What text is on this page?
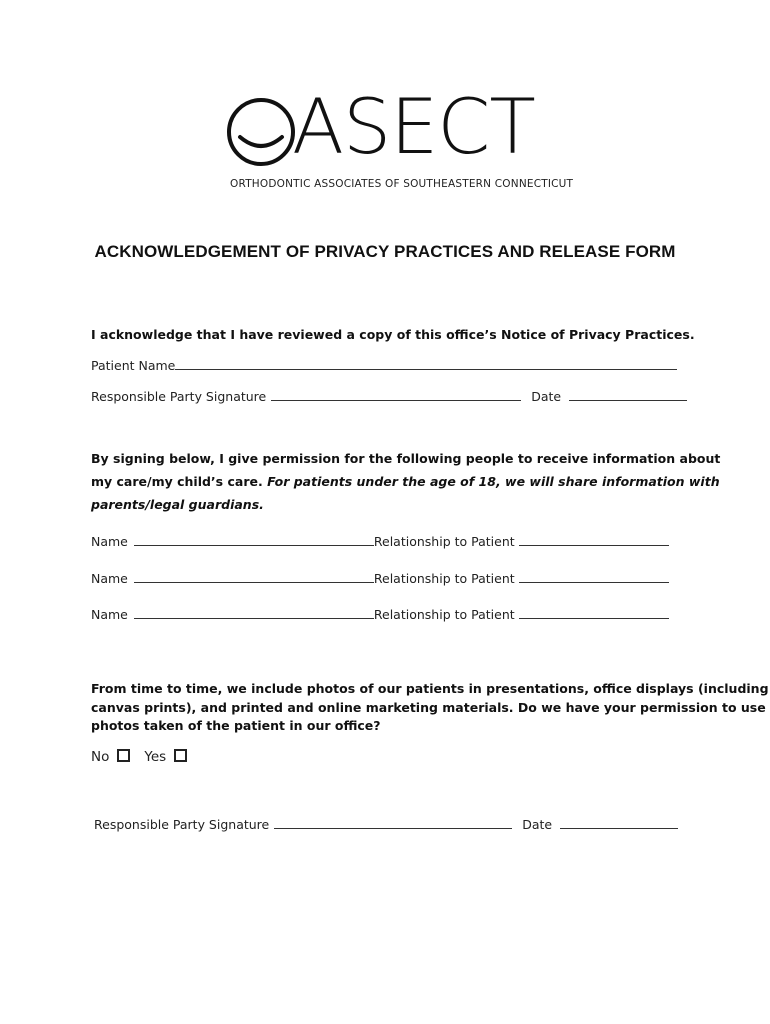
ASECT
ORTHODONTIC ASSOCIATES OF SOUTHEASTERN CONNECTICUT
ACKNOWLEDGEMENT OF PRIVACY PRACTICES AND RELEASE FORM
I acknowledge that I have reviewed a copy of this office’s Notice of Privacy Practices.
Patient Name
Responsible Party Signature	Date
By signing below, I give permission for the following people to receive information about
my care/my child’s care. For patients under the age of 18, we will share information with
parents/legal guardians.
Name	Relationship to Patient
Name	Relationship to Patient
Name	Relationship to Patient
From time to time, we include photos of our patients in presentations, office displays (including
canvas prints), and printed and online marketing materials. Do we have your permission to use
photos taken of the patient in our office?
No	Yes
Responsible Party Signature	Date
